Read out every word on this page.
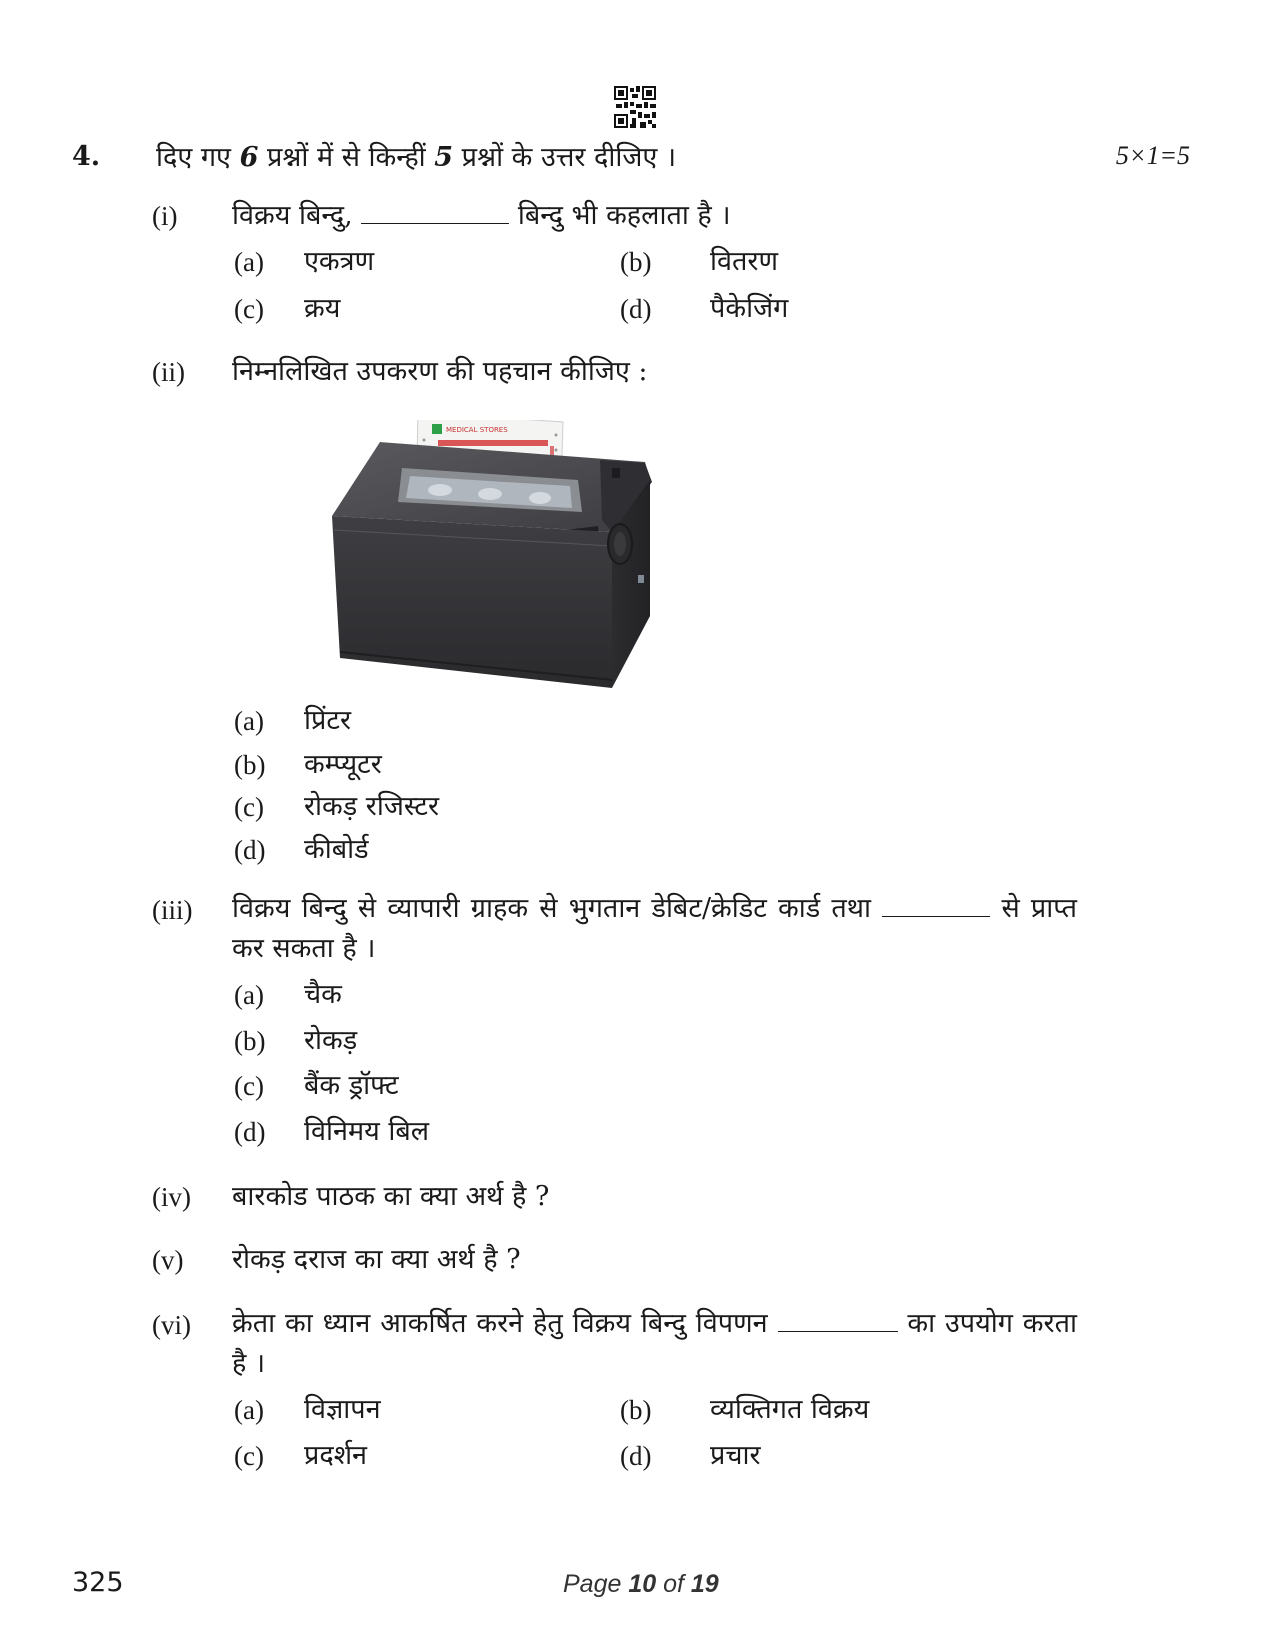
4. दिए गए 6 प्रश्नों में से किन्हीं 5 प्रश्नों के उत्तर दीजिए ।	5×1=5
(i) विक्रय बिन्दु,	बिन्दु भी कहलाता है ।
(a) एकत्रण	(b) वितरण
(c) क्रय	(d) पैकेजिंग
(ii) निम्नलिखित उपकरण की पहचान कीजिए :
MEDICAL STORES
(a) प्रिंटर
(b) कम्प्यूटर
(c) रोकड़ रजिस्टर
(d) कीबोर्ड
(iii) विक्रय बिन्दु से व्यापारी ग्राहक से भुगतान डेबिट/क्रेडिट कार्ड तथा	से प्राप्त कर सकता है ।
(a) चैक
(b) रोकड़
(c) बैंक ड्रॉफ्ट
(d) विनिमय बिल
(iv) बारकोड पाठक का क्या अर्थ है ?
(v) रोकड़ दराज का क्या अर्थ है ?
(vi) क्रेता का ध्यान आकर्षित करने हेतु विक्रय बिन्दु विपणन	का उपयोग करता है ।
(a) विज्ञापन	(b) व्यक्तिगत विक्रय
(c) प्रदर्शन	(d) प्रचार
325	Page 10 of 19
